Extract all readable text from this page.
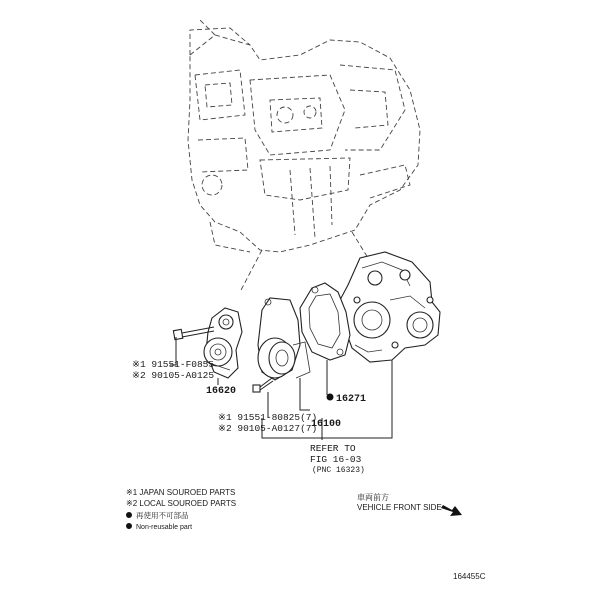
※1 91551-F0855
※2 90105-A0125
16620
16271
※1 91551-80825(7)
※2 90105-A0127(7)
16100
REFER TO
FIG 16-03
(PNC 16323)
※1 JAPAN SOUROED PARTS
※2 LOCAL SOUROED PARTS
再使用不可部品
Non-reusable part
車両前方
VEHICLE FRONT SIDE
164455C
